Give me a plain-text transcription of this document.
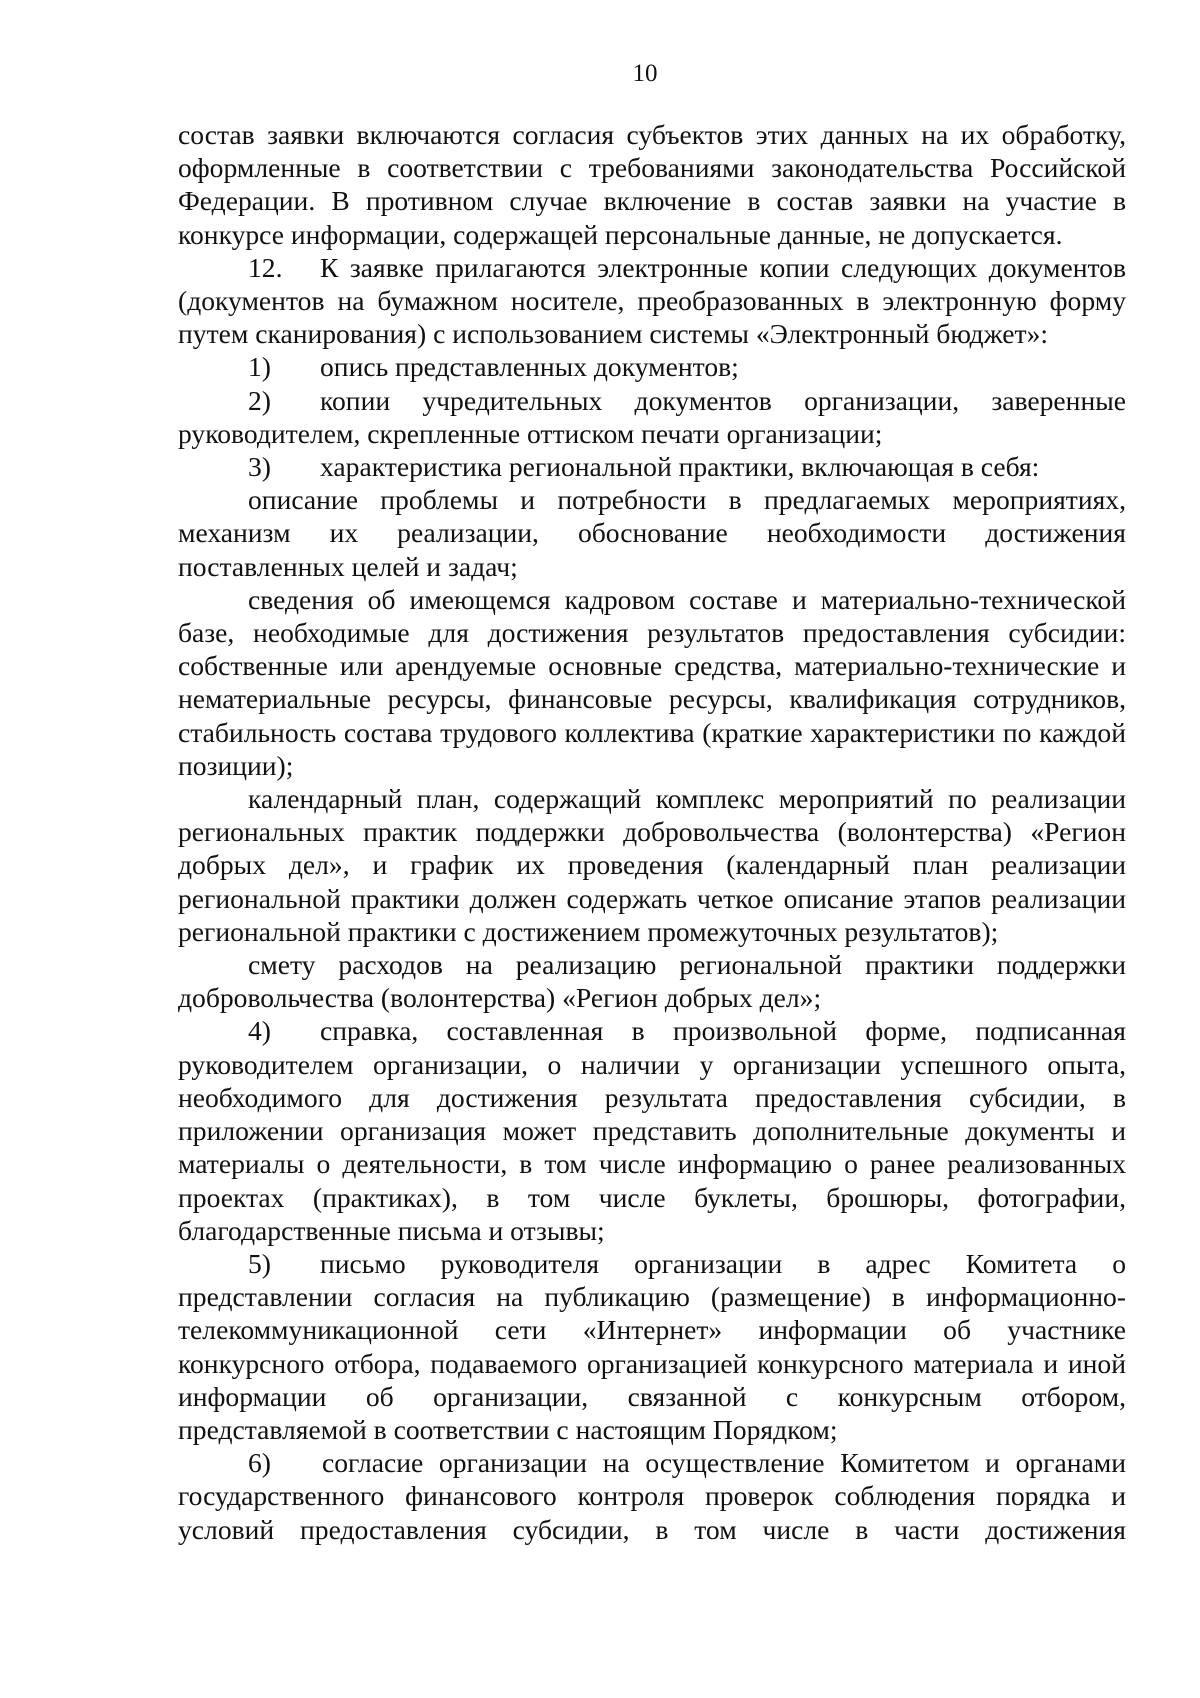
10

состав заявки включаются согласия субъектов этих данных на их обработку, оформленные в соответствии с требованиями законодательства Российской Федерации. В противном случае включение в состав заявки на участие в конкурсе информации, содержащей персональные данные, не допускается.

12. К заявке прилагаются электронные копии следующих документов (документов на бумажном носителе, преобразованных в электронную форму путем сканирования) с использованием системы «Электронный бюджет»:

1) опись представленных документов;

2) копии учредительных документов организации, заверенные руководителем, скрепленные оттиском печати организации;

3) характеристика региональной практики, включающая в себя:

описание проблемы и потребности в предлагаемых мероприятиях, механизм их реализации, обоснование необходимости достижения поставленных целей и задач;

сведения об имеющемся кадровом составе и материально-технической базе, необходимые для достижения результатов предоставления субсидии: собственные или арендуемые основные средства, материально-технические и нематериальные ресурсы, финансовые ресурсы, квалификация сотрудников, стабильность состава трудового коллектива (краткие характеристики по каждой позиции);

календарный план, содержащий комплекс мероприятий по реализации региональных практик поддержки добровольчества (волонтерства) «Регион добрых дел», и график их проведения (календарный план реализации региональной практики должен содержать четкое описание этапов реализации региональной практики с достижением промежуточных результатов);

смету расходов на реализацию региональной практики поддержки добровольчества (волонтерства) «Регион добрых дел»;

4) справка, составленная в произвольной форме, подписанная руководителем организации, о наличии у организации успешного опыта, необходимого для достижения результата предоставления субсидии, в приложении организация может представить дополнительные документы и материалы о деятельности, в том числе информацию о ранее реализованных проектах (практиках), в том числе буклеты, брошюры, фотографии, благодарственные письма и отзывы;

5) письмо руководителя организации в адрес Комитета о представлении согласия на публикацию (размещение) в информационно-телекоммуникационной сети «Интернет» информации об участнике конкурсного отбора, подаваемого организацией конкурсного материала и иной информации об организации, связанной с конкурсным отбором, представляемой в соответствии с настоящим Порядком;

6) согласие организации на осуществление Комитетом и органами государственного финансового контроля проверок соблюдения порядка и условий предоставления субсидии, в том числе в части достижения
